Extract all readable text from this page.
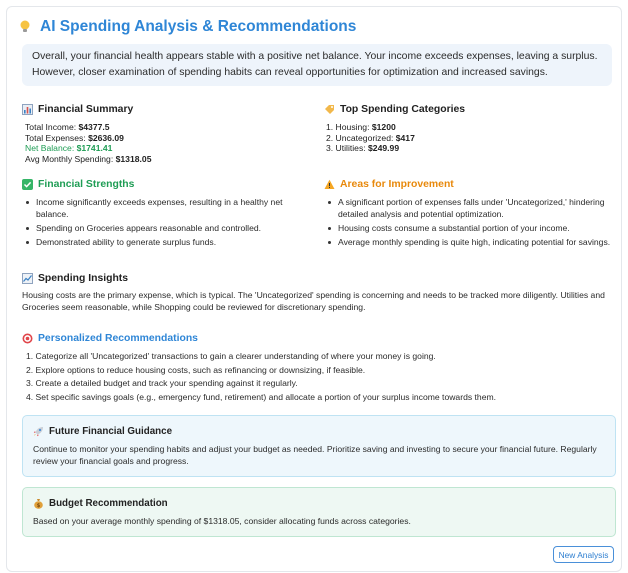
AI Spending Analysis & Recommendations
Overall, your financial health appears stable with a positive net balance. Your income exceeds expenses, leaving a surplus. However, closer examination of spending habits can reveal opportunities for optimization and increased savings.
Financial Summary
Total Income: $4377.5
Total Expenses: $2636.09
Net Balance: $1741.41
Avg Monthly Spending: $1318.05
Top Spending Categories
1. Housing: $1200
2. Uncategorized: $417
3. Utilities: $249.99
Financial Strengths
Income significantly exceeds expenses, resulting in a healthy net balance.
Spending on Groceries appears reasonable and controlled.
Demonstrated ability to generate surplus funds.
Areas for Improvement
A significant portion of expenses falls under 'Uncategorized,' hindering detailed analysis and potential optimization.
Housing costs consume a substantial portion of your income.
Average monthly spending is quite high, indicating potential for savings.
Spending Insights
Housing costs are the primary expense, which is typical. The 'Uncategorized' spending is concerning and needs to be tracked more diligently. Utilities and Groceries seem reasonable, while Shopping could be reviewed for discretionary spending.
Personalized Recommendations
1. Categorize all 'Uncategorized' transactions to gain a clearer understanding of where your money is going.
2. Explore options to reduce housing costs, such as refinancing or downsizing, if feasible.
3. Create a detailed budget and track your spending against it regularly.
4. Set specific savings goals (e.g., emergency fund, retirement) and allocate a portion of your surplus income towards them.
Future Financial Guidance

Continue to monitor your spending habits and adjust your budget as needed. Prioritize saving and investing to secure your financial future. Regularly review your financial goals and progress.

$ Budget Recommendation

Based on your average monthly spending of $1318.05, consider allocating funds across categories.

New Analysis
